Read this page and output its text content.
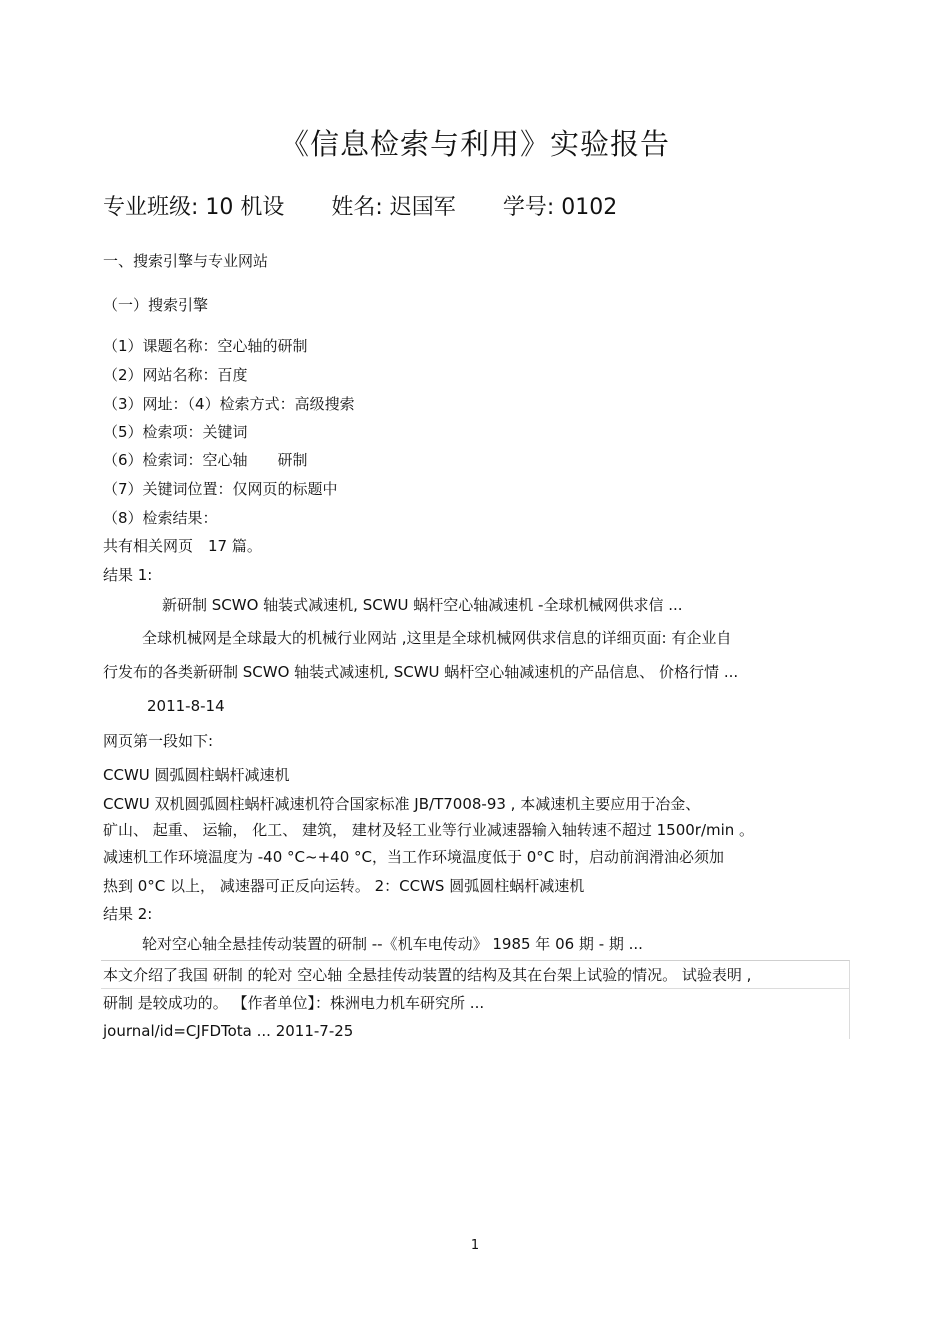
《信息检索与利用》实验报告
专业班级: 10 机设 姓名: 迟国军 学号: 0102
一、搜索引擎与专业网站
（一）搜索引擎
（1）课题名称：空心轴的研制
（2）网站名称：百度
（3）网址：（4）检索方式：高级搜索
（5）检索项：关键词
（6）检索词：空心轴　　研制
（7）关键词位置：仅网页的标题中
（8）检索结果：
共有相关网页　17 篇。
结果 1:
新研制 SCWO 轴装式减速机, SCWU 蜗杆空心轴减速机 -全球机械网供求信 ...
全球机械网是全球最大的机械行业网站 ,这里是全球机械网供求信息的详细页面: 有企业自
行发布的各类新研制 SCWO 轴装式减速机, SCWU 蜗杆空心轴减速机的产品信息、 价格行情 ...
2011-8-14
网页第一段如下:
CCWU 圆弧圆柱蜗杆减速机
CCWU 双机圆弧圆柱蜗杆减速机符合国家标准 JB/T7008-93 , 本减速机主要应用于冶金、
矿山、 起重、 运输， 化工、 建筑， 建材及轻工业等行业减速器输入轴转速不超过 1500r/min 。
减速机工作环境温度为 -40 °C~+40 °C，当工作环境温度低于 0°C 时，启动前润滑油必须加
热到 0°C 以上， 减速器可正反向运转。 2：CCWS 圆弧圆柱蜗杆减速机
结果 2:
轮对空心轴全悬挂传动装置的研制 --《机车电传动》 1985 年 06 期 - 期 ...
本文介绍了我国 研制 的轮对 空心轴 全悬挂传动装置的结构及其在台架上试验的情况。 试验表明 ,
研制 是较成功的。 【作者单位】：株洲电力机车研究所 ...
journal/id=CJFDTota ... 2011-7-25
1
